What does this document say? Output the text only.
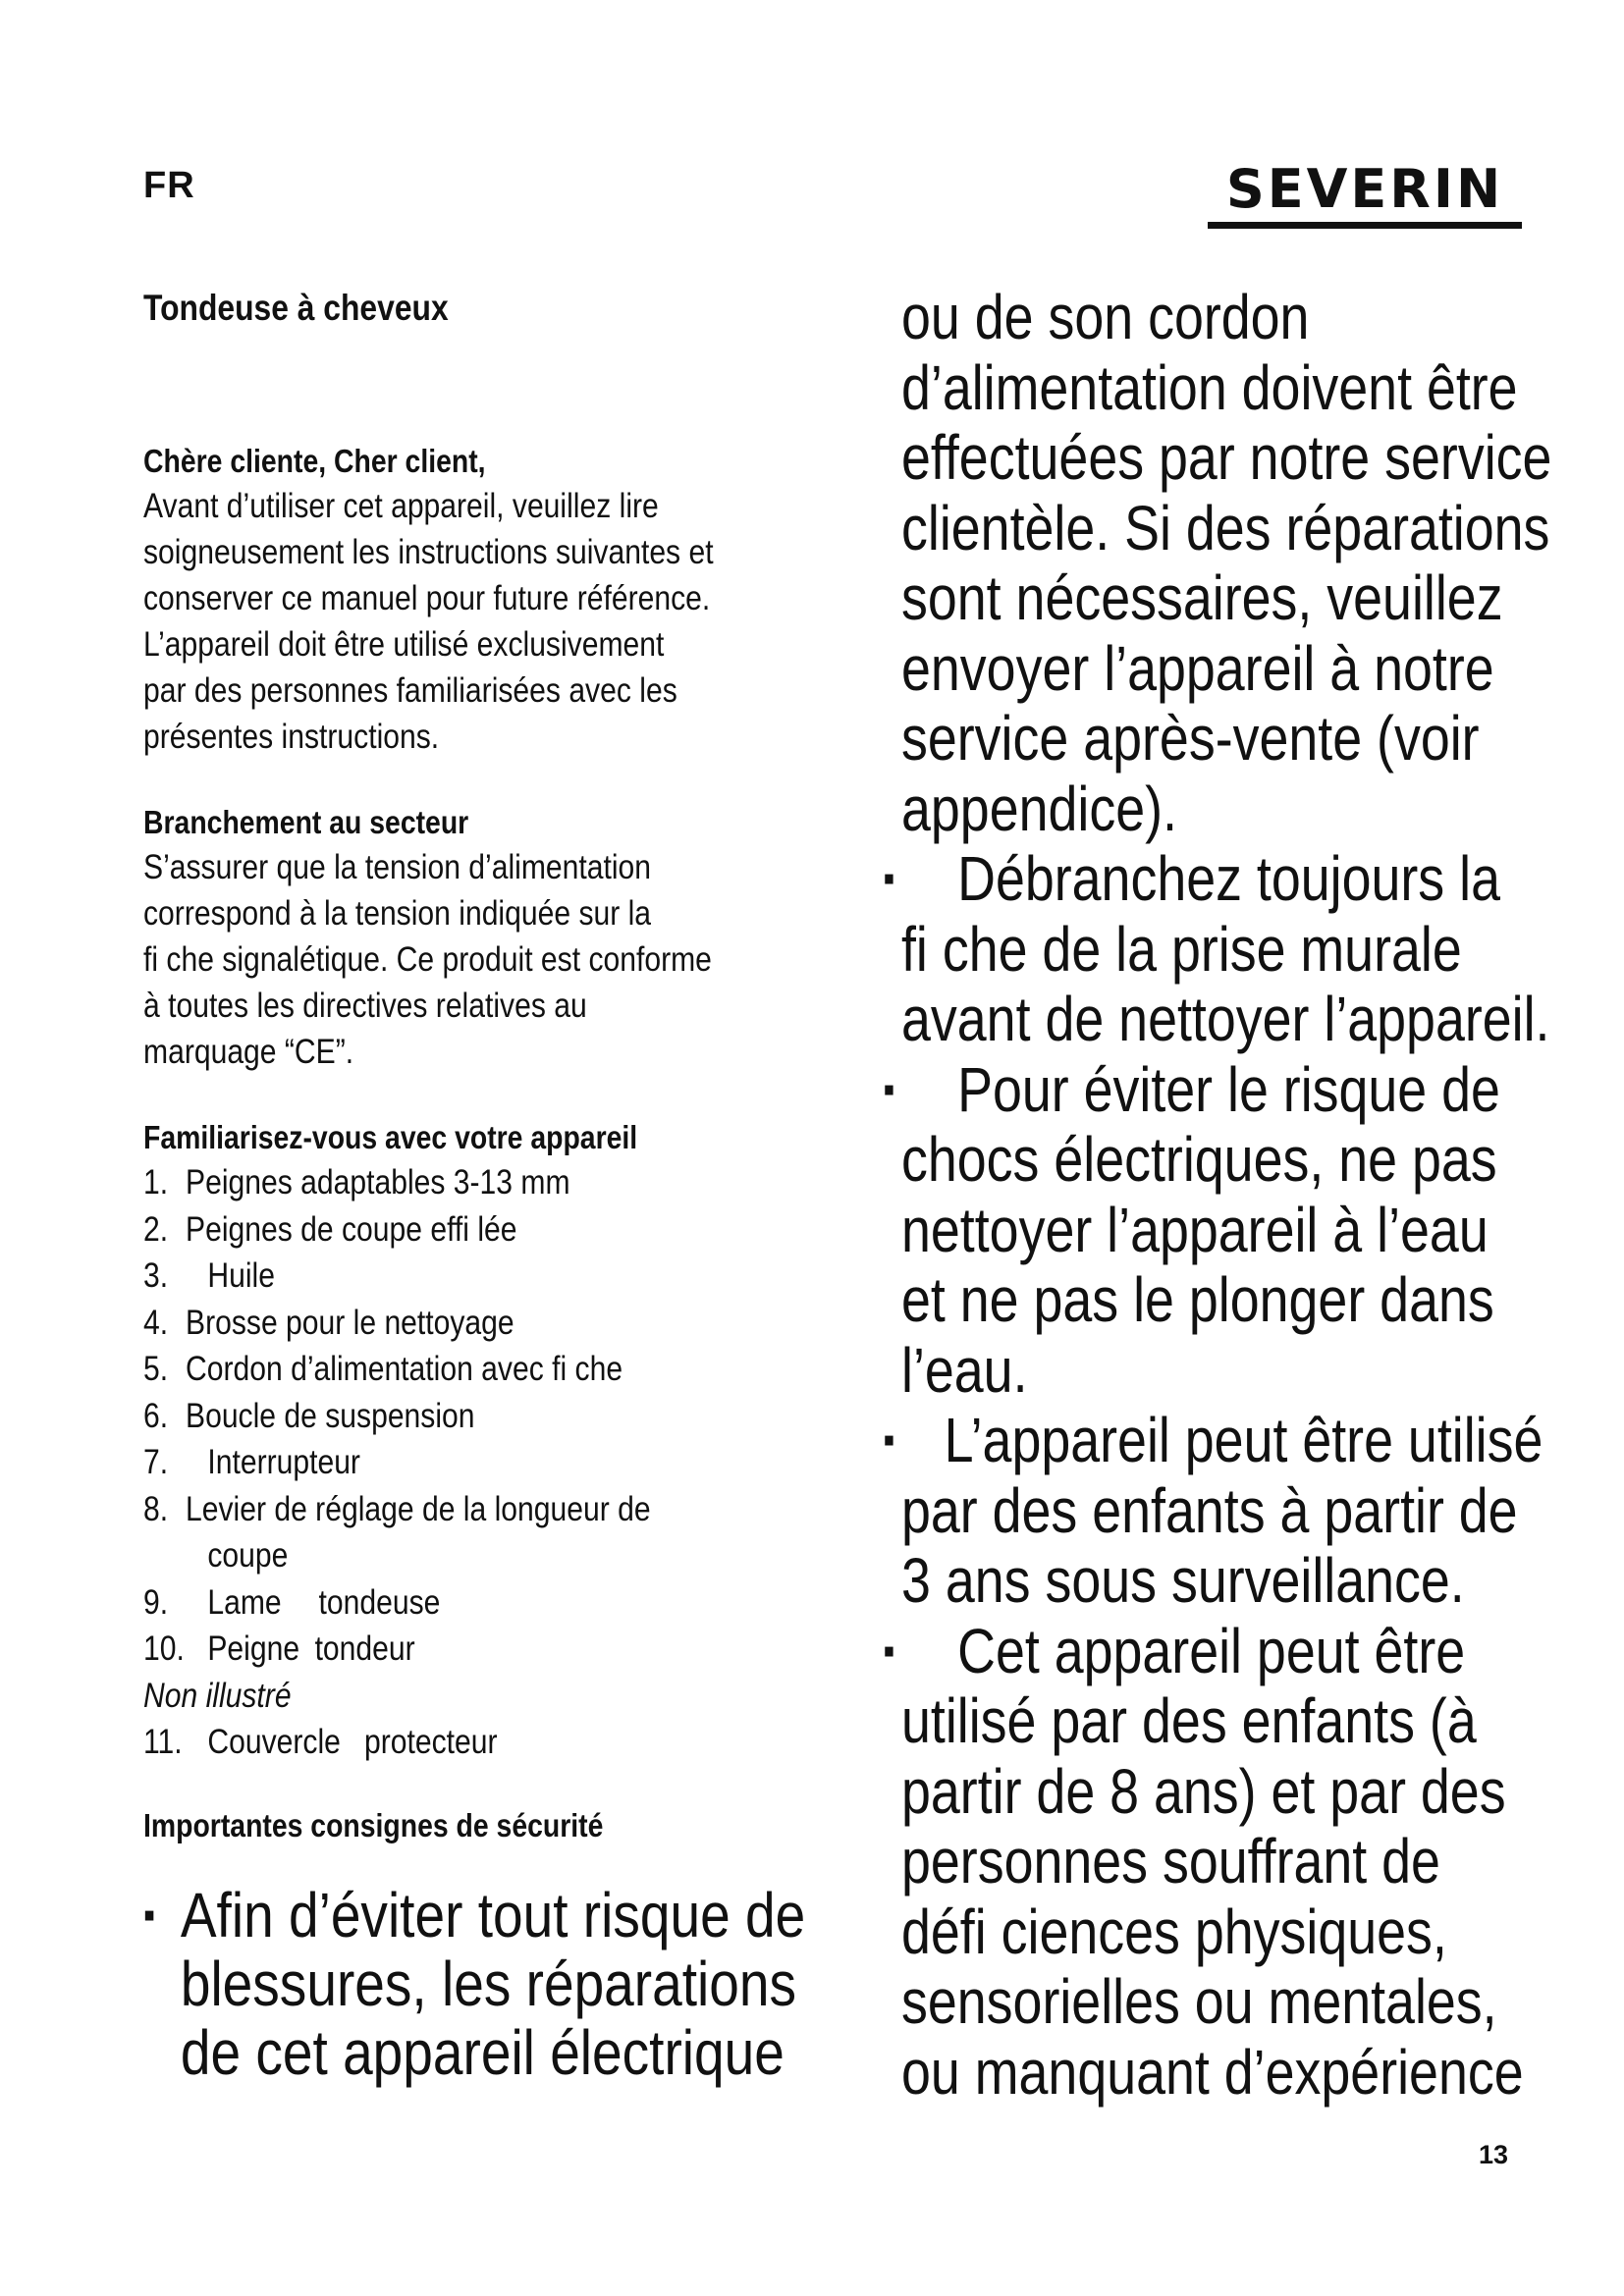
FR	SEVERIN

Tondeuse à cheveux

Chère cliente, Cher client,

Avant d’utiliser cet appareil, veuillez lire
soigneusement les instructions suivantes et
conserver ce manuel pour future référence.
L’appareil doit être utilisé exclusivement
par des personnes familiarisées avec les
présentes instructions.

Branchement au secteur

S’assurer que la tension d’alimentation
correspond à la tension indiquée sur la
fi che signalétique. Ce produit est conforme
à toutes les directives relatives au
marquage “CE”.

Familiarisez-vous avec votre appareil

1. Peignes adaptables 3-13 mm
2. Peignes de coupe effi lée
3.	Huile
4. Brosse pour le nettoyage
5. Cordon d’alimentation avec fi che
6. Boucle de suspension
7.	Interrupteur
8. Levier de réglage de la longueur de
coupe
9.	Lame tondeuse
10. Peigne tondeur

Non illustré

11. Couvercle protecteur

Importantes consignes de sécurité

▪ Afin d’éviter tout risque de
blessures, les réparations
de cet appareil électrique

ou de son cordon
d’alimentation doivent être
effectuées par notre service
clientèle. Si des réparations
sont nécessaires, veuillez
envoyer l’appareil à notre
service après-vente (voir
appendice).

▪ Débranchez toujours la
fi che de la prise murale
avant de nettoyer l’appareil.

▪ Pour éviter le risque de
chocs électriques, ne pas
nettoyer l’appareil à l’eau
et ne pas le plonger dans
l’eau.

▪ L’appareil peut être utilisé
par des enfants à partir de
3 ans sous surveillance.

▪ Cet appareil peut être
utilisé par des enfants (à
partir de 8 ans) et par des
personnes souffrant de
défi ciences physiques,
sensorielles ou mentales,
ou manquant d’expérience

13
